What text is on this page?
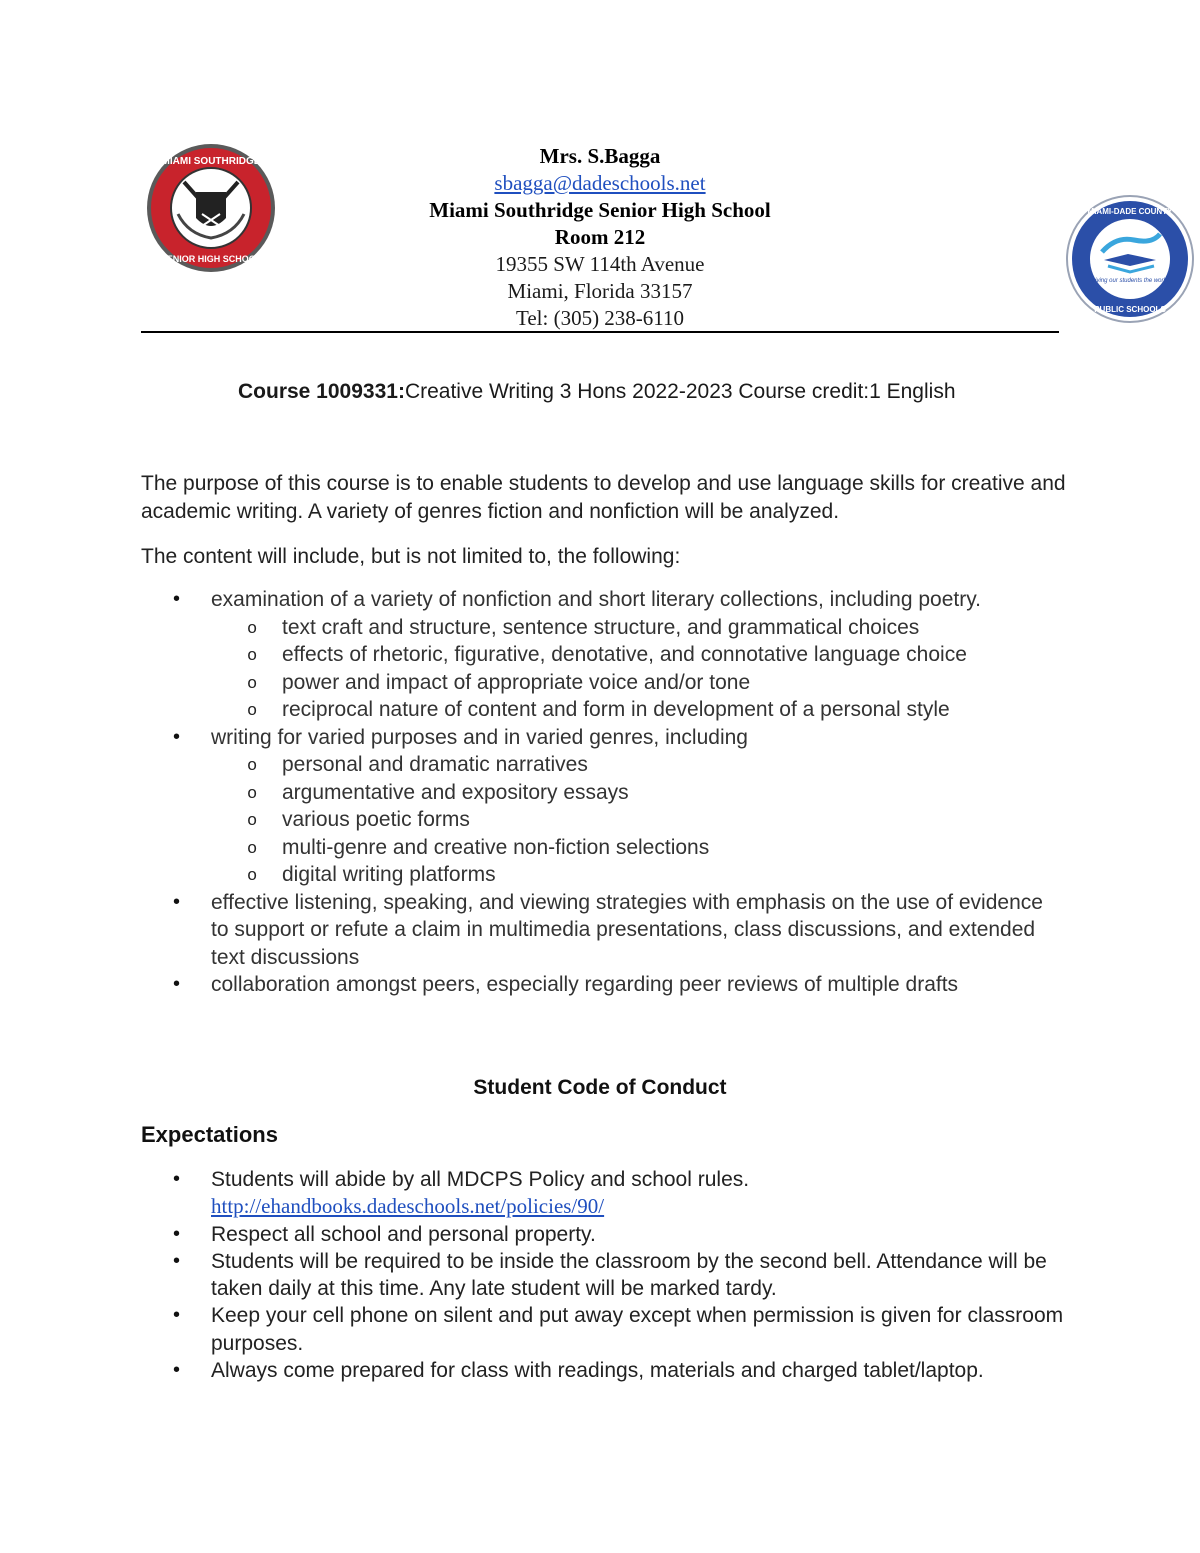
MIAMI SOUTHRIDGE
SENIOR HIGH SCHOOL
Mrs. S.Bagga
sbagga@dadeschools.net
Miami Southridge Senior High School
Room 212
19355 SW 114th Avenue
Miami, Florida 33157
Tel: (305) 238-6110
giving our students the world
MIAMI-DADE COUNTY
PUBLIC SCHOOLS
Course 1009331:Creative Writing 3 Hons 2022-2023 Course credit:1 English
The purpose of this course is to enable students to develop and use language skills for creative and academic writing. A variety of genres fiction and nonfiction will be analyzed.
The content will include, but is not limited to, the following:
• examination of a variety of nonfiction and short literary collections, including poetry.
o text craft and structure, sentence structure, and grammatical choices
o effects of rhetoric, figurative, denotative, and connotative language choice
o power and impact of appropriate voice and/or tone
o reciprocal nature of content and form in development of a personal style
• writing for varied purposes and in varied genres, including
o personal and dramatic narratives
o argumentative and expository essays
o various poetic forms
o multi-genre and creative non-fiction selections
o digital writing platforms
• effective listening, speaking, and viewing strategies with emphasis on the use of evidence to support or refute a claim in multimedia presentations, class discussions, and extended text discussions
• collaboration amongst peers, especially regarding peer reviews of multiple drafts
Student Code of Conduct
Expectations
• Students will abide by all MDCPS Policy and school rules.
http://ehandbooks.dadeschools.net/policies/90/
• Respect all school and personal property.
• Students will be required to be inside the classroom by the second bell. Attendance will be taken daily at this time. Any late student will be marked tardy.
• Keep your cell phone on silent and put away except when permission is given for classroom purposes.
• Always come prepared for class with readings, materials and charged tablet/laptop.
